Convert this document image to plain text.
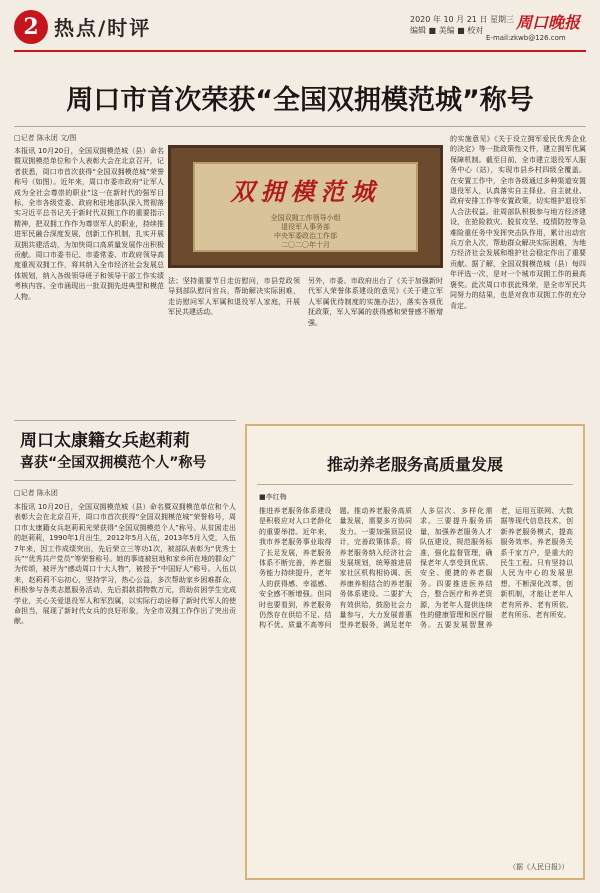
2 热点/时评	2020 年 10 月 21 日 星期三
编辑 ■ 美编 ■ 校对	周口晚报
E-mail:zkwb@126.com
周口市首次荣获“全国双拥模范城”称号
□记者 陈永团 文/图
本报讯 10月20日，全国双拥模范城（县）命名暨双拥模范单位和个人表彰大会在北京召开，记者获悉，周口市首次获得“全国双拥模范城”荣誉称号（如图）。近年来，周口市委市政府“让军人成为全社会尊崇的职业”这一在新时代的强军目标，全市各级党委、政府和驻地部队深入贯彻落实习近平总书记关于新时代双拥工作的重要指示精神，把双拥工作作为尊崇军人的职业，持续推进军民融合深度发展，创新工作机制，扎实开展双拥共建活动，为加快周口高质量发展作出积极贡献。周口市委书记、市委常委、市政府领导高度重视双拥工作，将其纳入全市经济社会发展总体规划，纳入各级领导班子和领导干部工作实绩考核内容。全市涌现出一批双拥先进典型和模范人物。
双拥模范城
全国双拥工作领导小组
退役军人事务部
中央军委政治工作部
二〇二〇年十月
法；坚持重要节日走访慰问，市县党政领导到部队慰问官兵，帮助解决实际困难，走访慰问军人军属和退役军人家庭，开展军民共建活动。
另外，市委、市政府出台了《关于加强新时代军人荣誉体系建设的意见》《关于建立军人军属优待制度的实施办法》，落实各项优抚政策，军人军属的获得感和荣誉感不断增强。
的实施意见》《关于设立拥军爱民优秀企业的决定》等一批政策性文件，建立拥军优属保障机制。截至目前，全市建立退役军人服务中心（站），实现市县乡村四级全覆盖。在安置工作中，全市各级通过多种渠道安置退役军人，认真落实自主择业、自主就业、政府安排工作等安置政策，切实维护退役军人合法权益。驻周部队积极参与地方经济建设，在抢险救灾、脱贫攻坚、疫情防控等急难险重任务中发挥突击队作用，累计出动官兵万余人次，帮助群众解决实际困难，为地方经济社会发展和维护社会稳定作出了重要贡献。据了解，全国双拥模范城（县）每四年评选一次，是对一个城市双拥工作的最高褒奖。此次周口市获此殊荣，是全市军民共同努力的结果，也是对我市双拥工作的充分肯定。
周口太康籍女兵赵莉莉
喜获“全国双拥模范个人”称号
□记者 陈永团
本报讯 10月20日，全国双拥模范城（县）命名暨双拥模范单位和个人表彰大会在北京召开，周口市首次获得“全国双拥模范城”荣誉称号，周口市太康籍女兵赵莉莉光荣获得“全国双拥模范个人”称号。从贫困走出的赵莉莉，1990年1月出生，2012年5月入伍，2013年5月入党，入伍7年来，因工作成绩突出，先后荣立三等功1次，被部队表彰为“优秀士兵”“优秀共产党员”等荣誉称号。她的事迹被驻地和家乡所在地的群众广为传颂，被评为“感动周口十大人物”，被授予“中国好人”称号。入伍以来，赵莉莉不忘初心，坚持学习，热心公益，多次帮助家乡困难群众，积极参与各类志愿服务活动，先后捐款捐物数万元，资助贫困学生完成学业，关心关爱退役军人和军烈属，以实际行动诠释了新时代军人的使命担当，展现了新时代女兵的良好形象，为全市双拥工作作出了突出贡献。
推动养老服务高质量发展
■李红梅
推进养老服务体系建设是积极应对人口老龄化的重要举措。近年来，我市养老服务事业取得了长足发展，养老服务体系不断完善，养老服务能力持续提升，老年人的获得感、幸福感、安全感不断增强。但同时也要看到，养老服务仍然存在供给不足、结构不优、质量不高等问题。推动养老服务高质量发展，需要多方协同发力。一要加强顶层设计，完善政策体系，将养老服务纳入经济社会发展规划，统筹推进居家社区机构相协调、医养康养相结合的养老服务体系建设。二要扩大有效供给，鼓励社会力量参与，大力发展普惠型养老服务，满足老年人多层次、多样化需求。三要提升服务质量，加强养老服务人才队伍建设，规范服务标准，强化监督管理，确保老年人享受到优质、安全、便捷的养老服务。四要推进医养结合，整合医疗和养老资源，为老年人提供连续性的健康管理和医疗服务。五要发展智慧养老，运用互联网、大数据等现代信息技术，创新养老服务模式，提高服务效率。养老服务关系千家万户，是重大的民生工程。只有坚持以人民为中心的发展思想，不断深化改革，创新机制，才能让老年人老有所养、老有所依、老有所乐、老有所安。
（据《人民日报》）
